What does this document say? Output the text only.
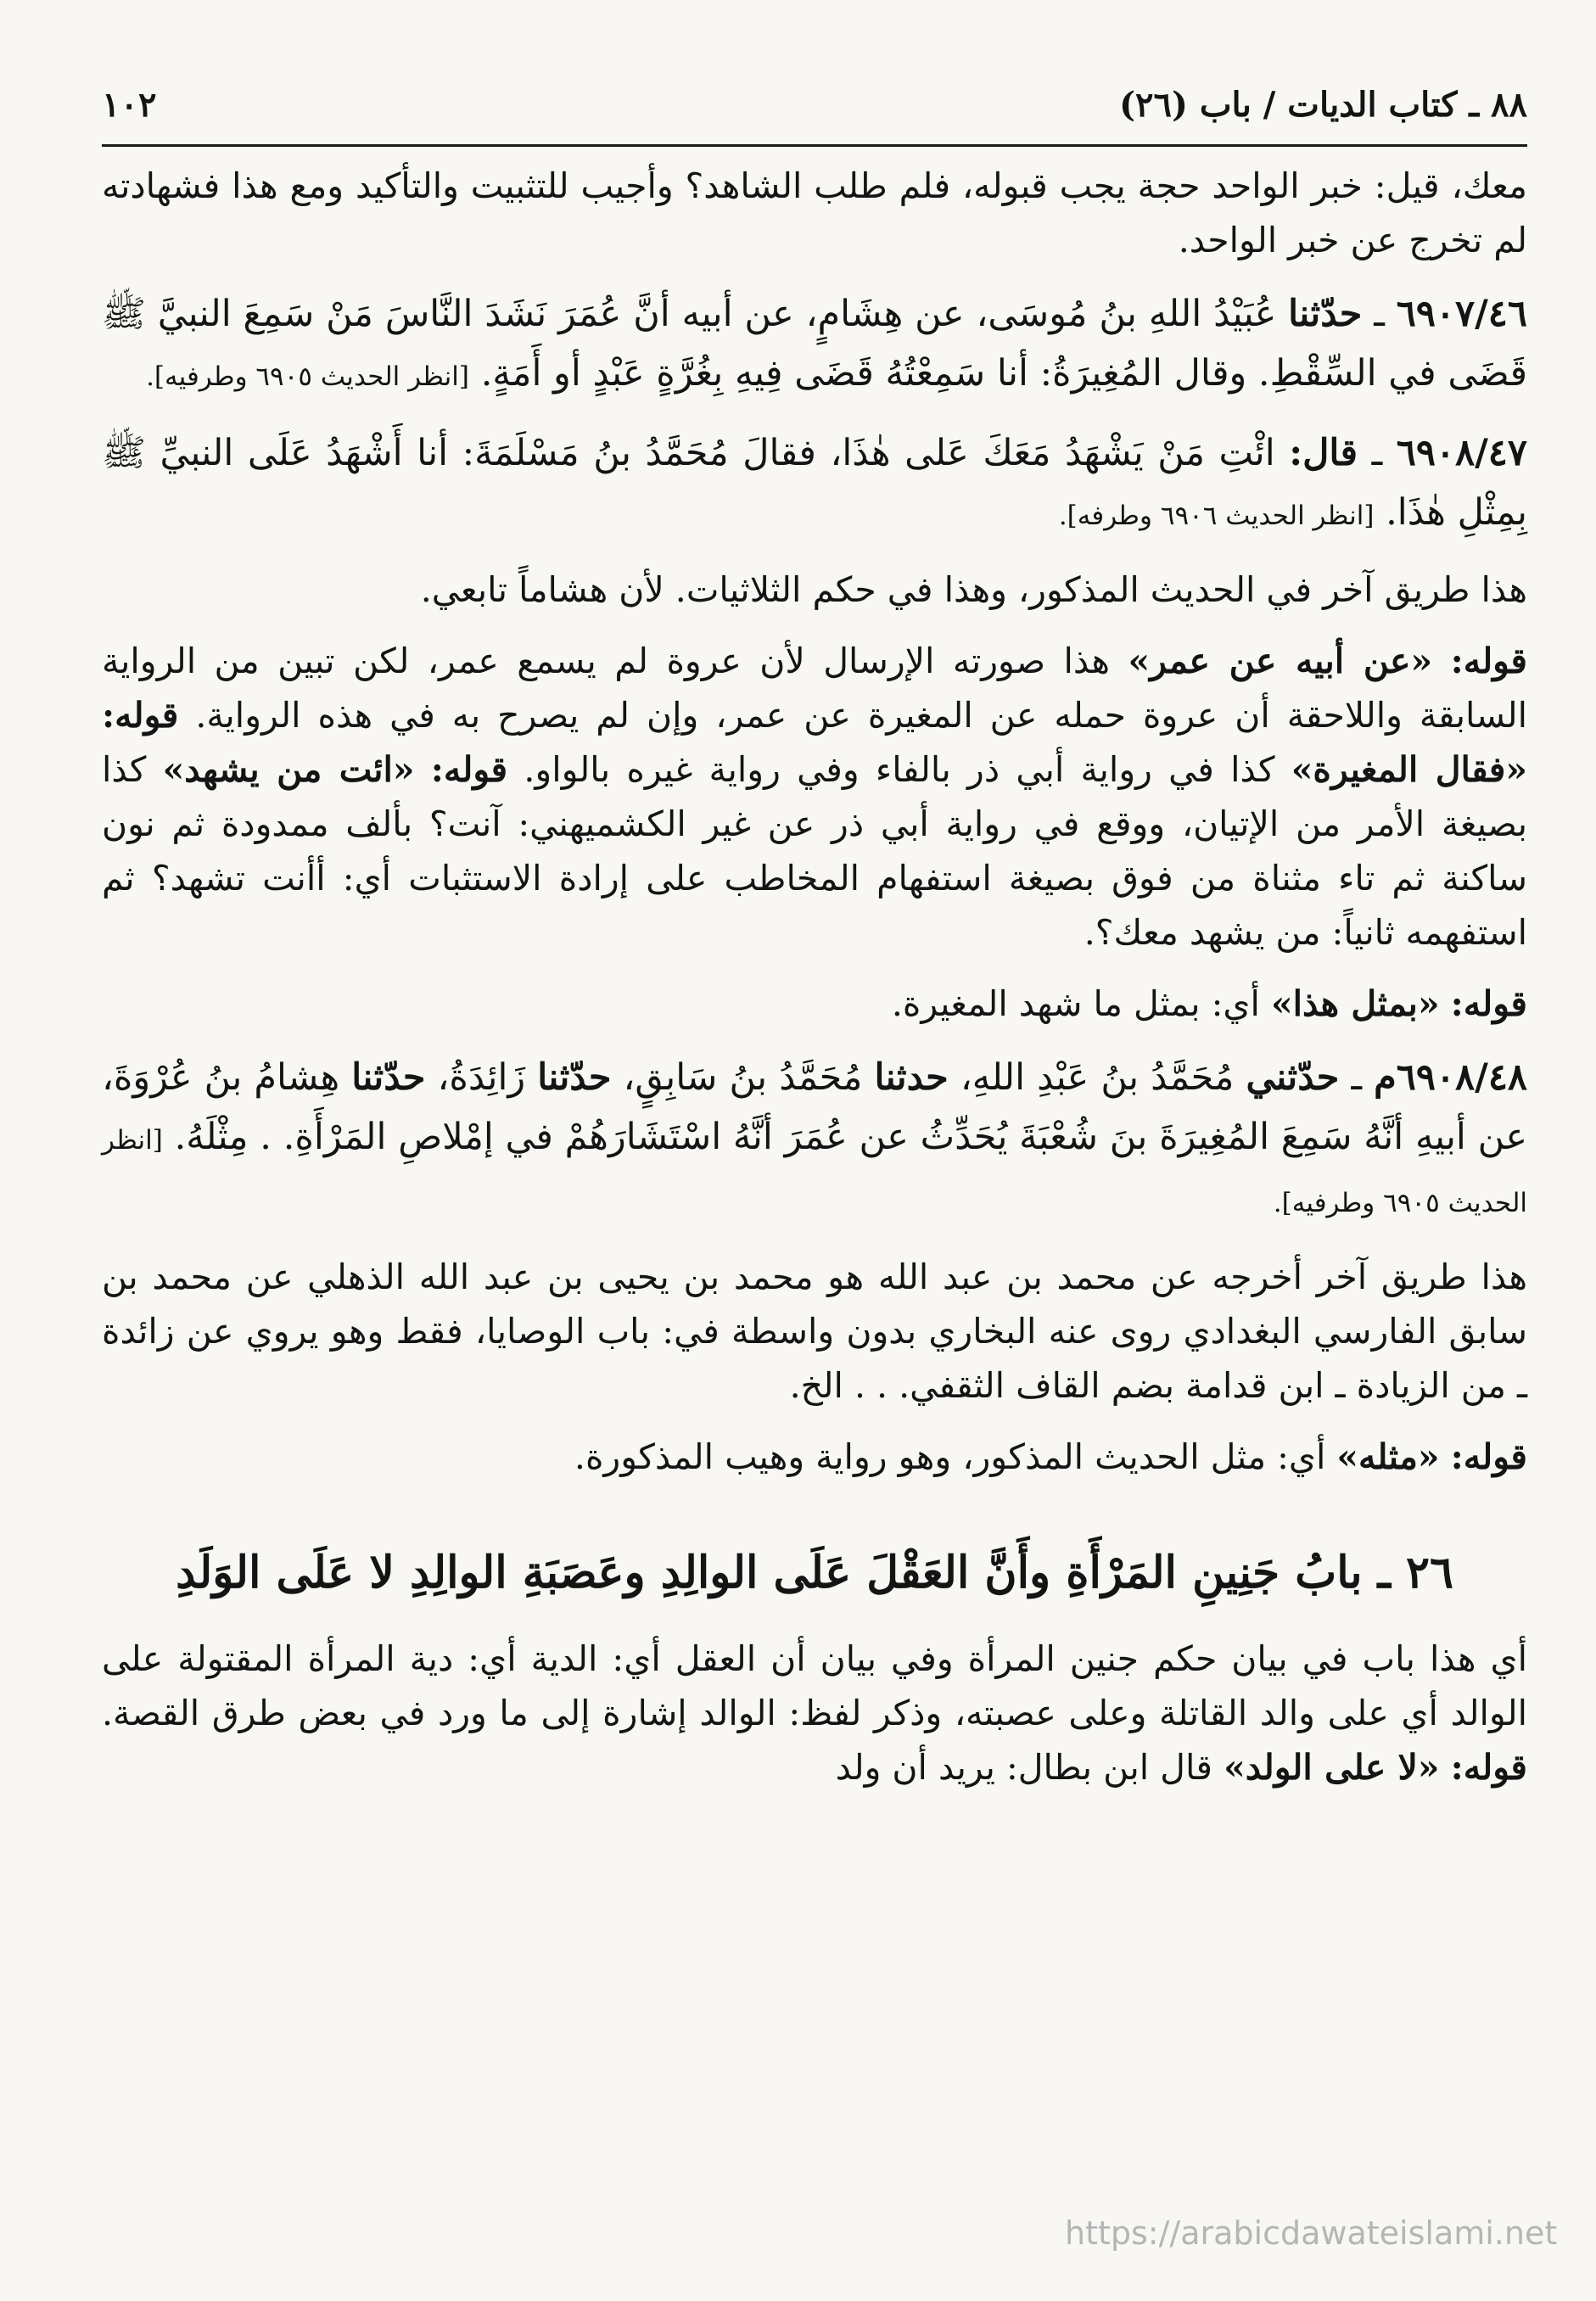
٨٨ ـ كتاب الديات / باب (٢٦)
١٠٢

معك، قيل: خبر الواحد حجة يجب قبوله، فلم طلب الشاهد؟ وأجيب للتثبيت والتأكيد ومع هذا فشهادته لم تخرج عن خبر الواحد.

٦٩٠٧/٤٦ ـ حدّثنا عُبَيْدُ اللهِ بنُ مُوسَى، عن هِشَامٍ، عن أبيه أنَّ عُمَرَ نَشَدَ النَّاسَ مَنْ سَمِعَ النبيَّ ﷺ قَضَى في السِّقْطِ. وقال المُغِيرَةُ: أنا سَمِعْتُهُ قَضَى فِيهِ بِغُرَّةٍ عَبْدٍ أو أَمَةٍ. [انظر الحديث ٦٩٠٥ وطرفيه].

٦٩٠٨/٤٧ ـ قال: ائْتِ مَنْ يَشْهَدُ مَعَكَ عَلى هٰذَا، فقالَ مُحَمَّدُ بنُ مَسْلَمَةَ: أنا أَشْهَدُ عَلَى النبيِّ ﷺ بِمِثْلِ هٰذَا. [انظر الحديث ٦٩٠٦ وطرفه].

هذا طريق آخر في الحديث المذكور، وهذا في حكم الثلاثيات. لأن هشاماً تابعي.

قوله: «عن أبيه عن عمر» هذا صورته الإرسال لأن عروة لم يسمع عمر، لكن تبين من الرواية السابقة واللاحقة أن عروة حمله عن المغيرة عن عمر، وإن لم يصرح به في هذه الرواية. قوله: «فقال المغيرة» كذا في رواية أبي ذر بالفاء وفي رواية غيره بالواو. قوله: «ائت من يشهد» كذا بصيغة الأمر من الإتيان، ووقع في رواية أبي ذر عن غير الكشميهني: آنت؟ بألف ممدودة ثم نون ساكنة ثم تاء مثناة من فوق بصيغة استفهام المخاطب على إرادة الاستثبات أي: أأنت تشهد؟ ثم استفهمه ثانياً: من يشهد معك؟.

قوله: «بمثل هذا» أي: بمثل ما شهد المغيرة.

٦٩٠٨/٤٨م ـ حدّثني مُحَمَّدُ بنُ عَبْدِ اللهِ، حدثنا مُحَمَّدُ بنُ سَابِقٍ، حدّثنا زَائِدَةُ، حدّثنا هِشامُ بنُ عُرْوَةَ، عن أبيهِ أنَّهُ سَمِعَ المُغِيرَةَ بنَ شُعْبَةَ يُحَدِّثُ عن عُمَرَ أنَّهُ اسْتَشَارَهُمْ في إمْلاصِ المَرْأَةِ. . مِثْلَهُ. [انظر الحديث ٦٩٠٥ وطرفيه].

هذا طريق آخر أخرجه عن محمد بن عبد الله هو محمد بن يحيى بن عبد الله الذهلي عن محمد بن سابق الفارسي البغدادي روى عنه البخاري بدون واسطة في: باب الوصايا، فقط وهو يروي عن زائدة ـ من الزيادة ـ ابن قدامة بضم القاف الثقفي. . . الخ.

قوله: «مثله» أي: مثل الحديث المذكور، وهو رواية وهيب المذكورة.

٢٦ ـ بابُ جَنِينِ المَرْأَةِ وأَنَّ العَقْلَ عَلَى الوالِدِ وعَصَبَةِ الوالِدِ لا عَلَى الوَلَدِ

أي هذا باب في بيان حكم جنين المرأة وفي بيان أن العقل أي: الدية أي: دية المرأة المقتولة على الوالد أي على والد القاتلة وعلى عصبته، وذكر لفظ: الوالد إشارة إلى ما ورد في بعض طرق القصة. قوله: «لا على الولد» قال ابن بطال: يريد أن ولد

https://arabicdawateislami.net
